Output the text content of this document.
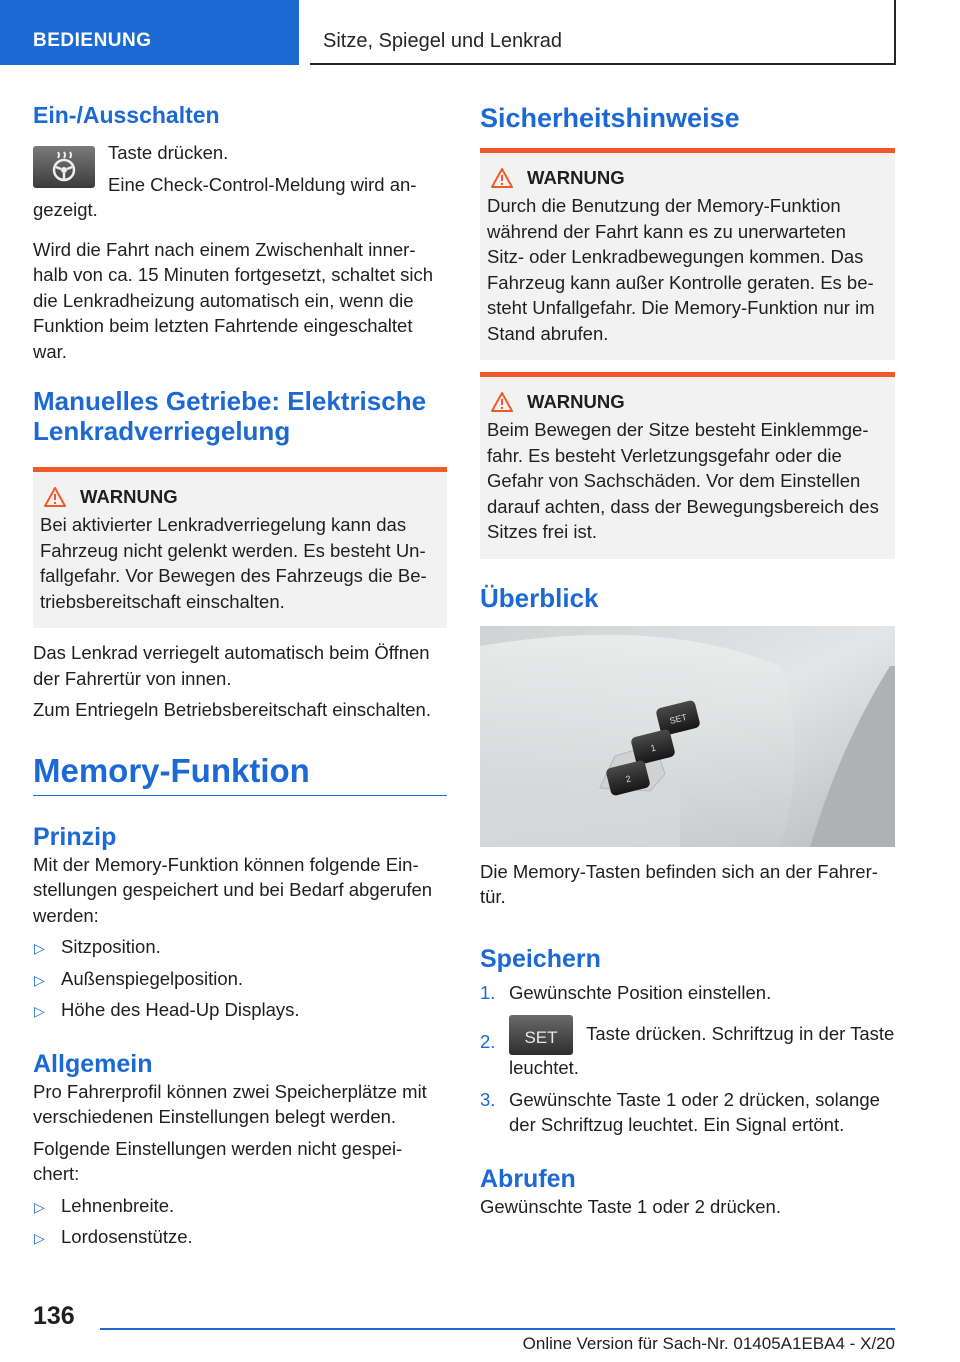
BEDIENUNG	Sitze, Spiegel und Lenkrad
Ein-/Ausschalten

Taste drücken.

Eine Check-Control-Meldung wird an‐gezeigt.

Wird die Fahrt nach einem Zwischenhalt inner‐halb von ca. 15 Minuten fortgesetzt, schaltet sich die Lenkradheizung automatisch ein, wenn die Funktion beim letzten Fahrtende eingeschaltet war.

Manuelles Getriebe: Elektrische Lenkradverriegelung
WARNUNG

Bei aktivierter Lenkradverriegelung kann das Fahrzeug nicht gelenkt werden. Es besteht Un‐fallgefahr. Vor Bewegen des Fahrzeugs die Be‐triebsbereitschaft einschalten.

Das Lenkrad verriegelt automatisch beim Öffnen der Fahrertür von innen.

Zum Entriegeln Betriebsbereitschaft einschalten.

Memory-Funktion
Prinzip

Mit der Memory-Funktion können folgende Ein‐stellungen gespeichert und bei Bedarf abgerufen werden:

▷ Sitzposition.
▷ Außenspiegelposition.
▷ Höhe des Head-Up Displays.
Allgemein

Pro Fahrerprofil können zwei Speicherplätze mit verschiedenen Einstellungen belegt werden.

Folgende Einstellungen werden nicht gespei‐chert:

▷ Lehnenbreite.
▷ Lordosenstütze.
Sicherheitshinweise
WARNUNG

Durch die Benutzung der Memory-Funktion während der Fahrt kann es zu unerwarteten Sitz- oder Lenkradbewegungen kommen. Das Fahrzeug kann außer Kontrolle geraten. Es be‐steht Unfallgefahr. Die Memory-Funktion nur im Stand abrufen.

WARNUNG

Beim Bewegen der Sitze besteht Einklemmge‐fahr. Es besteht Verletzungsgefahr oder die Gefahr von Sachschäden. Vor dem Einstellen darauf achten, dass der Bewegungsbereich des Sitzes frei ist.

Überblick
SET
1
2

Die Memory-Tasten befinden sich an der Fahrer‐tür.

Speichern
1. Gewünschte Position einstellen.
2.	SET	Taste drücken. Schriftzug in der Taste leuchtet.
3. Gewünschte Taste 1 oder 2 drücken, solange der Schriftzug leuchtet. Ein Signal ertönt.
Abrufen

Gewünschte Taste 1 oder 2 drücken.

136
Online Version für Sach-Nr. 01405A1EBA4 - X/20
